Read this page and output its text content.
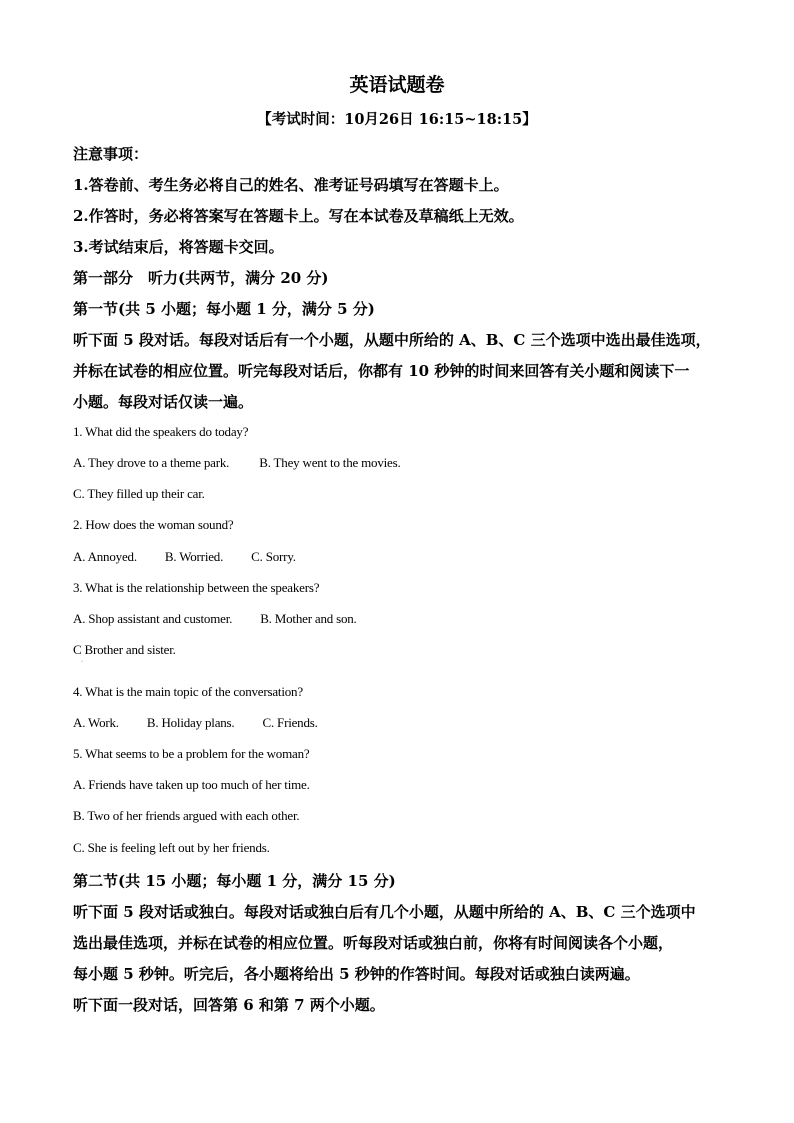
英语试题卷
【考试时间：10月26日 16:15~18:15】
注意事项：
1.答卷前、考生务必将自己的姓名、准考证号码填写在答题卡上。
2.作答时，务必将答案写在答题卡上。写在本试卷及草稿纸上无效。
3.考试结束后，将答题卡交回。
第一部分　听力(共两节，满分 20 分)
第一节(共 5 小题；每小题 1 分，满分 5 分)
听下面 5 段对话。每段对话后有一个小题，从题中所给的 A、B、C 三个选项中选出最佳选项，
并标在试卷的相应位置。听完每段对话后，你都有 10 秒钟的时间来回答有关小题和阅读下一
小题。每段对话仅读一遍。
1. What did the speakers do today?
A. They drove to a theme park. B. They went to the movies.
C. They filled up their car.
2. How does the woman sound?
A. Annoyed. B. Worried. C. Sorry.
3. What is the relationship between the speakers?
A. Shop assistant and customer. B. Mother and son.
C Brother and sister.
·
4. What is the main topic of the conversation?
A. Work. B. Holiday plans. C. Friends.
5. What seems to be a problem for the woman?
A. Friends have taken up too much of her time.
B. Two of her friends argued with each other.
C. She is feeling left out by her friends.
第二节(共 15 小题；每小题 1 分，满分 15 分)
听下面 5 段对话或独白。每段对话或独白后有几个小题，从题中所给的 A、B、C 三个选项中
选出最佳选项，并标在试卷的相应位置。听每段对话或独白前，你将有时间阅读各个小题，
每小题 5 秒钟。听完后，各小题将给出 5 秒钟的作答时间。每段对话或独白读两遍。
听下面一段对话，回答第 6 和第 7 两个小题。
